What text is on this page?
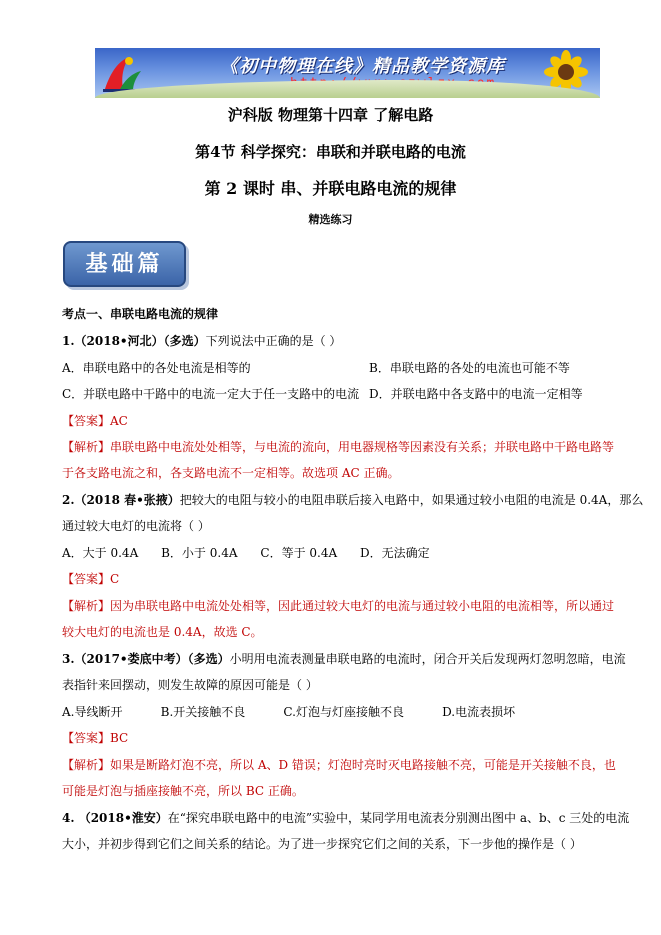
《初中物理在线》精品教学资源库
沪科版 物理第十四章 了解电路
第4节 科学探究：串联和并联电路的电流
第 2 课时 串、并联电路电流的规律
精选练习
基础篇
考点一、串联电路电流的规律
1.（2018•河北）（多选）下列说法中正确的是（ ）
A．串联电路中的各处电流是相等的	B．串联电路的各处的电流也可能不等
C．并联电路中干路中的电流一定大于任一支路中的电流 D．并联电路中各支路中的电流一定相等
【答案】AC
【解析】串联电路中电流处处相等，与电流的流向，用电器规格等因素没有关系；并联电路中干路电路等
于各支路电流之和，各支路电流不一定相等。故选项 AC 正确。
2.（2018 春•张掖）把较大的电阻与较小的电阻串联后接入电路中，如果通过较小电阻的电流是 0.4A，那么
通过较大电灯的电流将（ ）
A．大于 0.4A      B．小于 0.4A      C．等于 0.4A      D．无法确定
【答案】C
【解析】因为串联电路中电流处处相等，因此通过较大电灯的电流与通过较小电阻的电流相等，所以通过
较大电灯的电流也是 0.4A，故选 C。
3.（2017•娄底中考）（多选）小明用电流表测量串联电路的电流时，闭合开关后发现两灯忽明忽暗，电流
表指针来回摆动，则发生故障的原因可能是（ ）
A.导线断开          B.开关接触不良          C.灯泡与灯座接触不良          D.电流表损坏
【答案】BC
【解析】如果是断路灯泡不亮，所以 A、D 错误；灯泡时亮时灭电路接触不亮，可能是开关接触不良，也
可能是灯泡与插座接触不亮，所以 BC 正确。
4. （2018•淮安）在“探究串联电路中的电流”实验中，某同学用电流表分别测出图中 a、b、c 三处的电流
大小，并初步得到它们之间关系的结论。为了进一步探究它们之间的关系，下一步他的操作是（ ）
